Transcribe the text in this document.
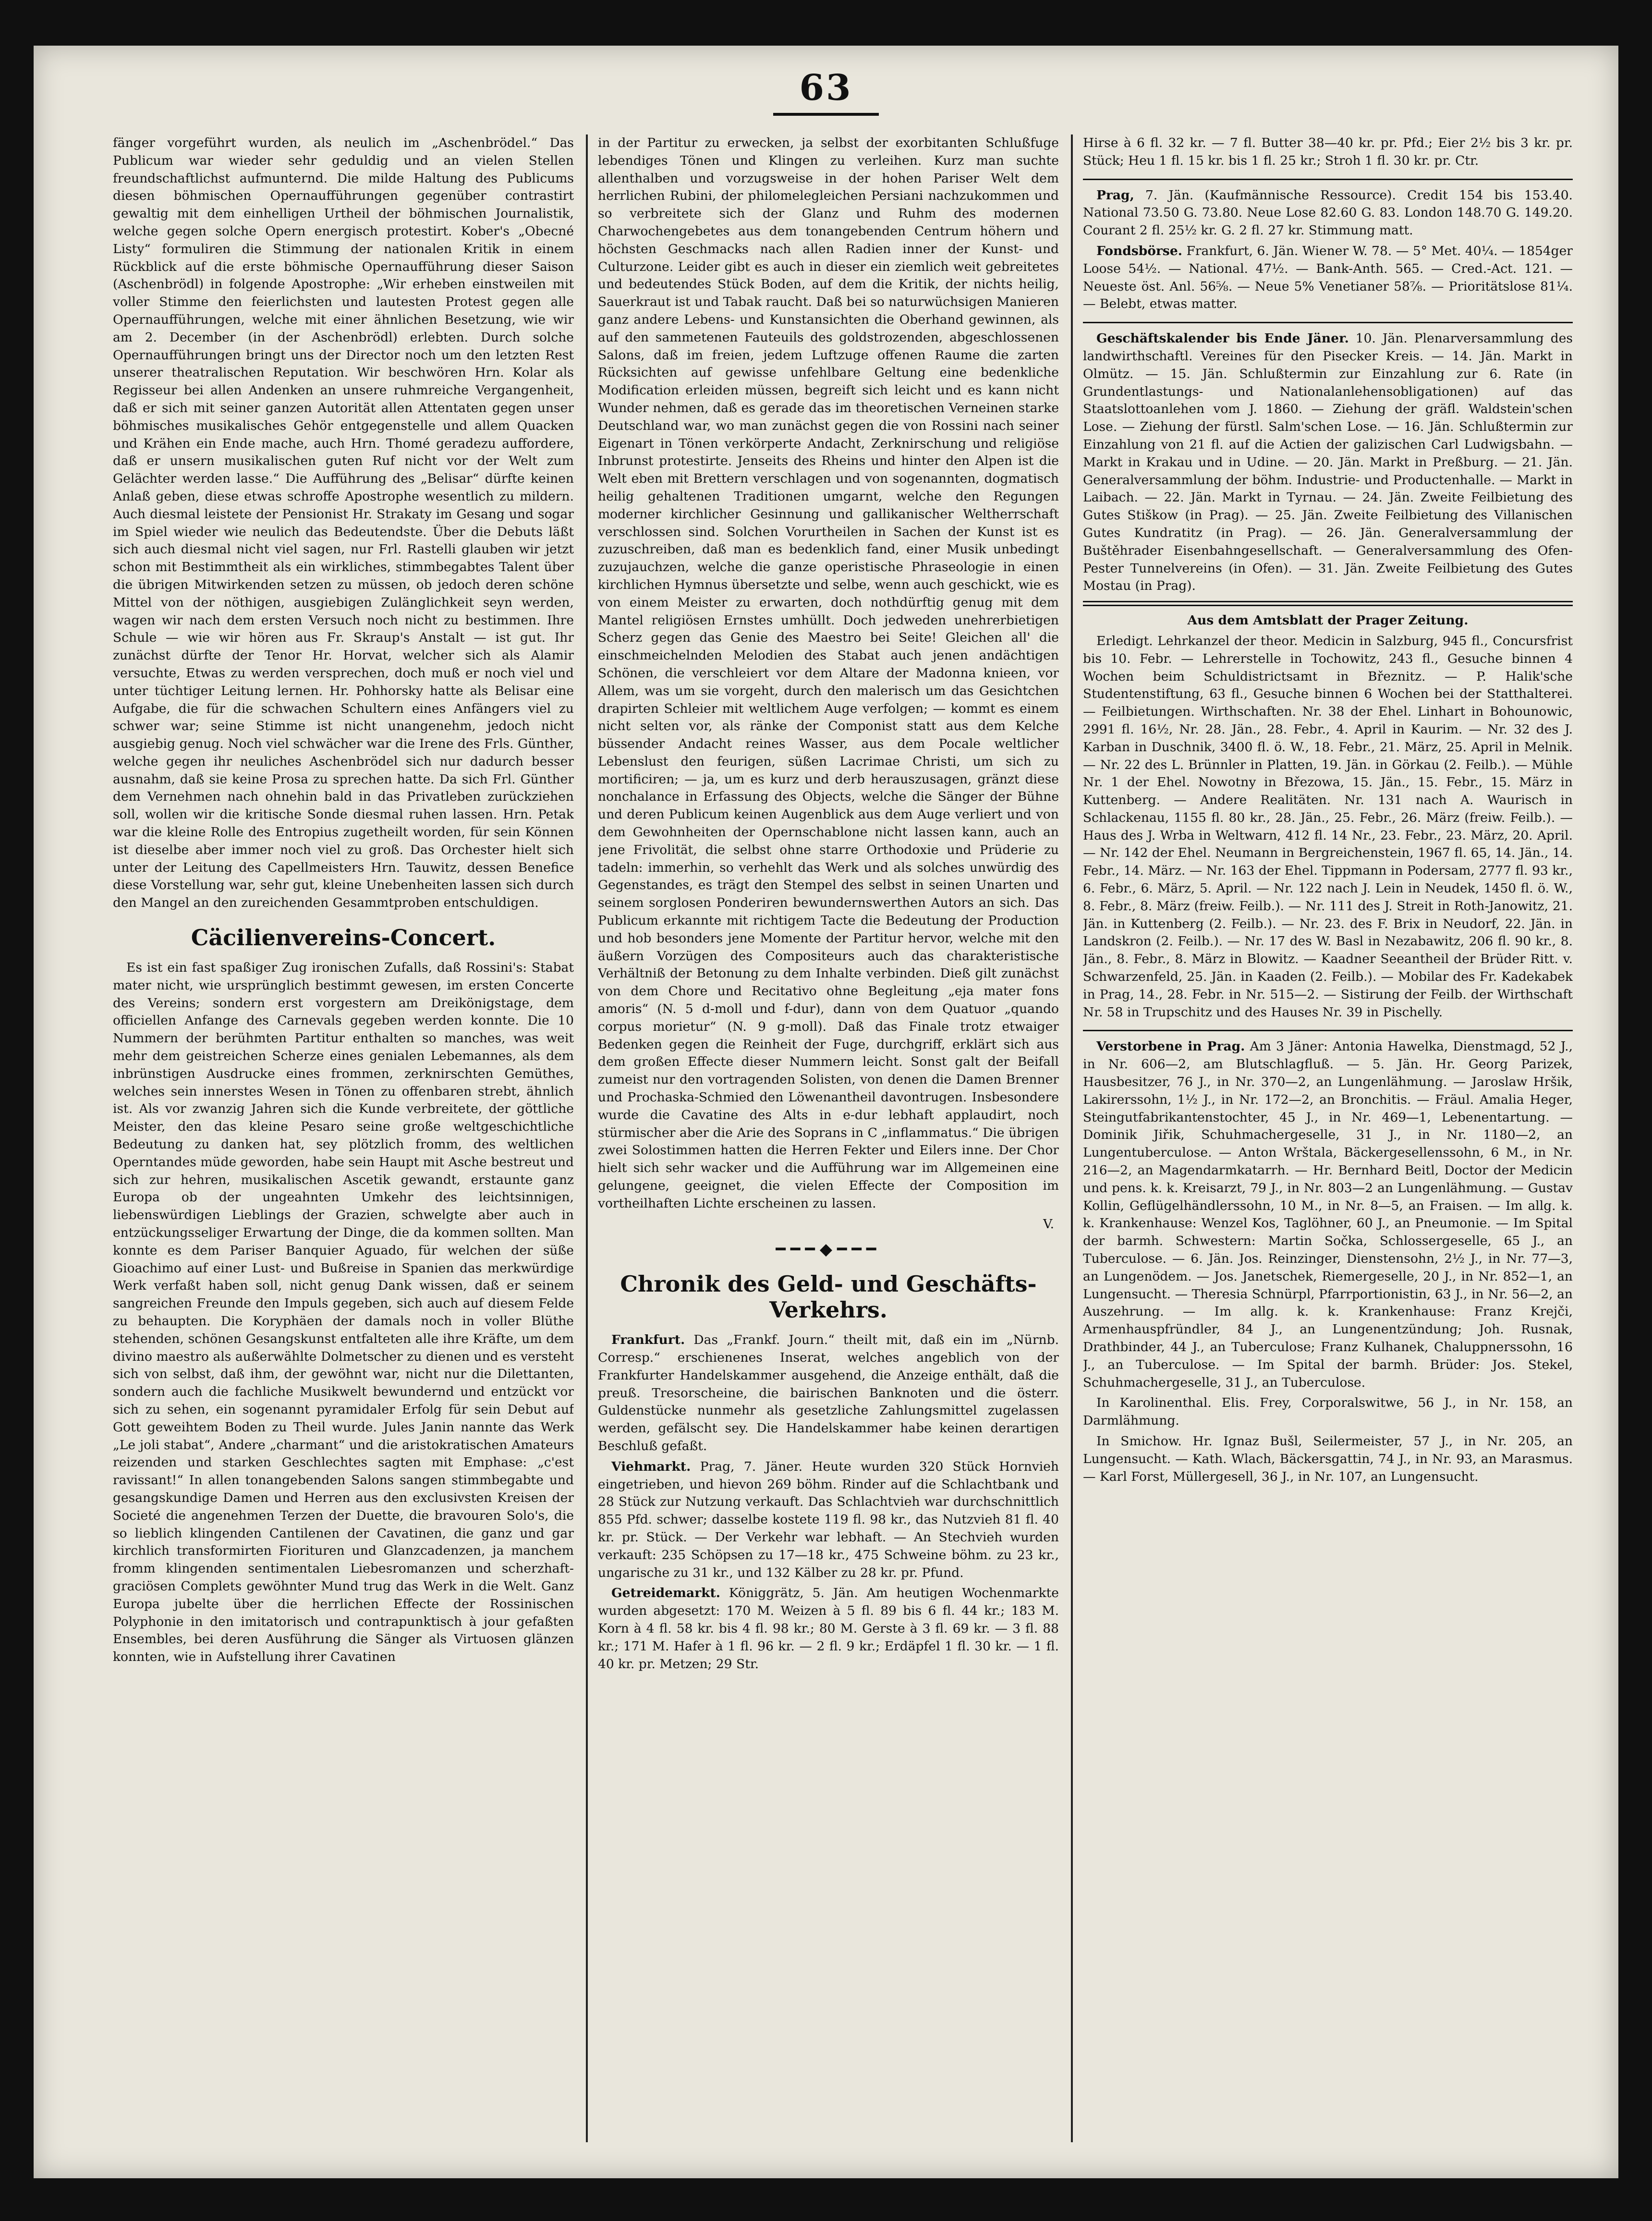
63

fänger vorgeführt wurden, als neulich im „Aschenbrödel.“ Das Publicum war wieder sehr geduldig und an vielen Stellen freundschaftlichst aufmunternd. Die milde Haltung des Publicums diesen böhmischen Opernaufführungen gegenüber contrastirt gewaltig mit dem einhelligen Urtheil der böhmischen Journalistik, welche gegen solche Opern energisch protestirt. Kober's „Obecné Listy“ formuliren die Stimmung der nationalen Kritik in einem Rückblick auf die erste böhmische Opernaufführung dieser Saison (Aschenbrödl) in folgende Apostrophe: „Wir erheben einstweilen mit voller Stimme den feierlichsten und lautesten Protest gegen alle Opernaufführungen, welche mit einer ähnlichen Besetzung, wie wir am 2. December (in der Aschenbrödl) erlebten. Durch solche Opernaufführungen bringt uns der Director noch um den letzten Rest unserer theatralischen Reputation. Wir beschwören Hrn. Kolar als Regisseur bei allen Andenken an unsere ruhmreiche Vergangenheit, daß er sich mit seiner ganzen Autorität allen Attentaten gegen unser böhmisches musikalisches Gehör entgegenstelle und allem Quacken und Krähen ein Ende mache, auch Hrn. Thomé geradezu auffordere, daß er unsern musikalischen guten Ruf nicht vor der Welt zum Gelächter werden lasse.“ Die Aufführung des „Belisar“ dürfte keinen Anlaß geben, diese etwas schroffe Apostrophe wesentlich zu mildern. Auch diesmal leistete der Pensionist Hr. Strakaty im Gesang und sogar im Spiel wieder wie neulich das Bedeutendste. Über die Debuts läßt sich auch diesmal nicht viel sagen, nur Frl. Rastelli glauben wir jetzt schon mit Bestimmtheit als ein wirkliches, stimmbegabtes Talent über die übrigen Mitwirkenden setzen zu müssen, ob jedoch deren schöne Mittel von der nöthigen, ausgiebigen Zulänglichkeit seyn werden, wagen wir nach dem ersten Versuch noch nicht zu bestimmen. Ihre Schule — wie wir hören aus Fr. Skraup's Anstalt — ist gut. Ihr zunächst dürfte der Tenor Hr. Horvat, welcher sich als Alamir versuchte, Etwas zu werden versprechen, doch muß er noch viel und unter tüchtiger Leitung lernen. Hr. Pohhorsky hatte als Belisar eine Aufgabe, die für die schwachen Schultern eines Anfängers viel zu schwer war; seine Stimme ist nicht unangenehm, jedoch nicht ausgiebig genug. Noch viel schwächer war die Irene des Frls. Günther, welche gegen ihr neuliches Aschenbrödel sich nur dadurch besser ausnahm, daß sie keine Prosa zu sprechen hatte. Da sich Frl. Günther dem Vernehmen nach ohnehin bald in das Privatleben zurückziehen soll, wollen wir die kritische Sonde diesmal ruhen lassen. Hrn. Petak war die kleine Rolle des Entropius zugetheilt worden, für sein Können ist dieselbe aber immer noch viel zu groß. Das Orchester hielt sich unter der Leitung des Capellmeisters Hrn. Tauwitz, dessen Benefice diese Vorstellung war, sehr gut, kleine Unebenheiten lassen sich durch den Mangel an den zureichenden Gesammtproben entschuldigen.

Cäcilienvereins-Concert.

Es ist ein fast spaßiger Zug ironischen Zufalls, daß Rossini's: Stabat mater nicht, wie ursprünglich bestimmt gewesen, im ersten Concerte des Vereins; sondern erst vorgestern am Dreikönigstage, dem officiellen Anfange des Carnevals gegeben werden konnte. Die 10 Nummern der berühmten Partitur enthalten so manches, was weit mehr dem geistreichen Scherze eines genialen Lebemannes, als dem inbrünstigen Ausdrucke eines frommen, zerknirschten Gemüthes, welches sein innerstes Wesen in Tönen zu offenbaren strebt, ähnlich ist. Als vor zwanzig Jahren sich die Kunde verbreitete, der göttliche Meister, den das kleine Pesaro seine große weltgeschichtliche Bedeutung zu danken hat, sey plötzlich fromm, des weltlichen Operntandes müde geworden, habe sein Haupt mit Asche bestreut und sich zur hehren, musikalischen Ascetik gewandt, erstaunte ganz Europa ob der ungeahnten Umkehr des leichtsinnigen, liebenswürdigen Lieblings der Grazien, schwelgte aber auch in entzückungsseliger Erwartung der Dinge, die da kommen sollten. Man konnte es dem Pariser Banquier Aguado, für welchen der süße Gioachimo auf einer Lust- und Bußreise in Spanien das merkwürdige Werk verfaßt haben soll, nicht genug Dank wissen, daß er seinem sangreichen Freunde den Impuls gegeben, sich auch auf diesem Felde zu behaupten. Die Koryphäen der damals noch in voller Blüthe stehenden, schönen Gesangskunst entfalteten alle ihre Kräfte, um dem divino maestro als außerwählte Dolmetscher zu dienen und es versteht sich von selbst, daß ihm, der gewöhnt war, nicht nur die Dilettanten, sondern auch die fachliche Musikwelt bewundernd und entzückt vor sich zu sehen, ein sogenannt pyramidaler Erfolg für sein Debut auf Gott geweihtem Boden zu Theil wurde. Jules Janin nannte das Werk „Le joli stabat“, Andere „charmant“ und die aristokratischen Amateurs reizenden und starken Geschlechtes sagten mit Emphase: „c'est ravissant!“ In allen tonangebenden Salons sangen stimmbegabte und gesangskundige Damen und Herren aus den exclusivsten Kreisen der Societé die angenehmen Terzen der Duette, die bravouren Solo's, die so lieblich klingenden Cantilenen der Cavatinen, die ganz und gar kirchlich transformirten Fiorituren und Glanzcadenzen, ja manchem fromm klingenden sentimentalen Liebesromanzen und scherzhaft-graciösen Complets gewöhnter Mund trug das Werk in die Welt. Ganz Europa jubelte über die herrlichen Effecte der Rossinischen Polyphonie in den imitatorisch und contrapunktisch à jour gefaßten Ensembles, bei deren Ausführung die Sänger als Virtuosen glänzen konnten, wie in Aufstellung ihrer Cavatinen

in der Partitur zu erwecken, ja selbst der exorbitanten Schlußfuge lebendiges Tönen und Klingen zu verleihen. Kurz man suchte allenthalben und vorzugsweise in der hohen Pariser Welt dem herrlichen Rubini, der philomelegleichen Persiani nachzukommen und so verbreitete sich der Glanz und Ruhm des modernen Charwochengebetes aus dem tonangebenden Centrum höhern und höchsten Geschmacks nach allen Radien inner der Kunst- und Culturzone. Leider gibt es auch in dieser ein ziemlich weit gebreitetes und bedeutendes Stück Boden, auf dem die Kritik, der nichts heilig, Sauerkraut ist und Tabak raucht. Daß bei so naturwüchsigen Manieren ganz andere Lebens- und Kunstansichten die Oberhand gewinnen, als auf den sammetenen Fauteuils des goldstrozenden, abgeschlossenen Salons, daß im freien, jedem Luftzuge offenen Raume die zarten Rücksichten auf gewisse unfehlbare Geltung eine bedenkliche Modification erleiden müssen, begreift sich leicht und es kann nicht Wunder nehmen, daß es gerade das im theoretischen Verneinen starke Deutschland war, wo man zunächst gegen die von Rossini nach seiner Eigenart in Tönen verkörperte Andacht, Zerknirschung und religiöse Inbrunst protestirte. Jenseits des Rheins und hinter den Alpen ist die Welt eben mit Brettern verschlagen und von sogenannten, dogmatisch heilig gehaltenen Traditionen umgarnt, welche den Regungen moderner kirchlicher Gesinnung und gallikanischer Weltherrschaft verschlossen sind. Solchen Vorurtheilen in Sachen der Kunst ist es zuzuschreiben, daß man es bedenklich fand, einer Musik unbedingt zuzujauchzen, welche die ganze operistische Phraseologie in einen kirchlichen Hymnus übersetzte und selbe, wenn auch geschickt, wie es von einem Meister zu erwarten, doch nothdürftig genug mit dem Mantel religiösen Ernstes umhüllt. Doch jedweden unehrerbietigen Scherz gegen das Genie des Maestro bei Seite! Gleichen all' die einschmeichelnden Melodien des Stabat auch jenen andächtigen Schönen, die verschleiert vor dem Altare der Madonna knieen, vor Allem, was um sie vorgeht, durch den malerisch um das Gesichtchen drapirten Schleier mit weltlichem Auge verfolgen; — kommt es einem nicht selten vor, als ränke der Componist statt aus dem Kelche büssender Andacht reines Wasser, aus dem Pocale weltlicher Lebenslust den feurigen, süßen Lacrimae Christi, um sich zu mortificiren; — ja, um es kurz und derb herauszusagen, gränzt diese nonchalance in Erfassung des Objects, welche die Sänger der Bühne und deren Publicum keinen Augenblick aus dem Auge verliert und von dem Gewohnheiten der Opernschablone nicht lassen kann, auch an jene Frivolität, die selbst ohne starre Orthodoxie und Prüderie zu tadeln: immerhin, so verhehlt das Werk und als solches unwürdig des Gegenstandes, es trägt den Stempel des selbst in seinen Unarten und seinem sorglosen Ponderiren bewundernswerthen Autors an sich. Das Publicum erkannte mit richtigem Tacte die Bedeutung der Production und hob besonders jene Momente der Partitur hervor, welche mit den äußern Vorzügen des Compositeurs auch das charakteristische Verhältniß der Betonung zu dem Inhalte verbinden. Dieß gilt zunächst von dem Chore und Recitativo ohne Begleitung „eja mater fons amoris“ (N. 5 d-moll und f-dur), dann von dem Quatuor „quando corpus morietur“ (N. 9 g-moll). Daß das Finale trotz etwaiger Bedenken gegen die Reinheit der Fuge, durchgriff, erklärt sich aus dem großen Effecte dieser Nummern leicht. Sonst galt der Beifall zumeist nur den vortragenden Solisten, von denen die Damen Brenner und Prochaska-Schmied den Löwenantheil davontrugen. Insbesondere wurde die Cavatine des Alts in e-dur lebhaft applaudirt, noch stürmischer aber die Arie des Soprans in C „inflammatus.“ Die übrigen zwei Solostimmen hatten die Herren Fekter und Eilers inne. Der Chor hielt sich sehr wacker und die Aufführung war im Allgemeinen eine gelungene, geeignet, die vielen Effecte der Composition im vortheilhaften Lichte erscheinen zu lassen.

V.
━━━◆━━━
Chronik des Geld- und Geschäfts-Verkehrs.

Frankfurt. Das „Frankf. Journ.“ theilt mit, daß ein im „Nürnb. Corresp.“ erschienenes Inserat, welches angeblich von der Frankfurter Handelskammer ausgehend, die Anzeige enthält, daß die preuß. Tresorscheine, die bairischen Banknoten und die österr. Guldenstücke nunmehr als gesetzliche Zahlungsmittel zugelassen werden, gefälscht sey. Die Handelskammer habe keinen derartigen Beschluß gefaßt.

Viehmarkt. Prag, 7. Jäner. Heute wurden 320 Stück Hornvieh eingetrieben, und hievon 269 böhm. Rinder auf die Schlachtbank und 28 Stück zur Nutzung verkauft. Das Schlachtvieh war durchschnittlich 855 Pfd. schwer; dasselbe kostete 119 fl. 98 kr., das Nutzvieh 81 fl. 40 kr. pr. Stück. — Der Verkehr war lebhaft. — An Stechvieh wurden verkauft: 235 Schöpsen zu 17—18 kr., 475 Schweine böhm. zu 23 kr., ungarische zu 31 kr., und 132 Kälber zu 28 kr. pr. Pfund.

Getreidemarkt. Königgrätz, 5. Jän. Am heutigen Wochenmarkte wurden abgesetzt: 170 M. Weizen à 5 fl. 89 bis 6 fl. 44 kr.; 183 M. Korn à 4 fl. 58 kr. bis 4 fl. 98 kr.; 80 M. Gerste à 3 fl. 69 kr. — 3 fl. 88 kr.; 171 M. Hafer à 1 fl. 96 kr. — 2 fl. 9 kr.; Erdäpfel 1 fl. 30 kr. — 1 fl. 40 kr. pr. Metzen; 29 Str.

Hirse à 6 fl. 32 kr. — 7 fl. Butter 38—40 kr. pr. Pfd.; Eier 2½ bis 3 kr. pr. Stück; Heu 1 fl. 15 kr. bis 1 fl. 25 kr.; Stroh 1 fl. 30 kr. pr. Ctr.

Prag, 7. Jän. (Kaufmännische Ressource). Credit 154 bis 153.40. National 73.50 G. 73.80. Neue Lose 82.60 G. 83. London 148.70 G. 149.20. Courant 2 fl. 25½ kr. G. 2 fl. 27 kr. Stimmung matt.

Fondsbörse. Frankfurt, 6. Jän. Wiener W. 78. — 5° Met. 40¼. — 1854ger Loose 54½. — National. 47½. — Bank-Anth. 565. — Cred.-Act. 121. — Neueste öst. Anl. 56⅝. — Neue 5% Venetianer 58⅞. — Prioritätslose 81¼. — Belebt, etwas matter.

Geschäftskalender bis Ende Jäner. 10. Jän. Plenarversammlung des landwirthschaftl. Vereines für den Pisecker Kreis. — 14. Jän. Markt in Olmütz. — 15. Jän. Schlußtermin zur Einzahlung zur 6. Rate (in Grundentlastungs- und Nationalanlehensobligationen) auf das Staatslottoanlehen vom J. 1860. — Ziehung der gräfl. Waldstein'schen Lose. — Ziehung der fürstl. Salm'schen Lose. — 16. Jän. Schlußtermin zur Einzahlung von 21 fl. auf die Actien der galizischen Carl Ludwigsbahn. — Markt in Krakau und in Udine. — 20. Jän. Markt in Preßburg. — 21. Jän. Generalversammlung der böhm. Industrie- und Productenhalle. — Markt in Laibach. — 22. Jän. Markt in Tyrnau. — 24. Jän. Zweite Feilbietung des Gutes Stiškow (in Prag). — 25. Jän. Zweite Feilbietung des Villanischen Gutes Kundratitz (in Prag). — 26. Jän. Generalversammlung der Buštěhrader Eisenbahngesellschaft. — Generalversammlung des Ofen-Pester Tunnelvereins (in Ofen). — 31. Jän. Zweite Feilbietung des Gutes Mostau (in Prag).

Aus dem Amtsblatt der Prager Zeitung.

Erledigt. Lehrkanzel der theor. Medicin in Salzburg, 945 fl., Concursfrist bis 10. Febr. — Lehrerstelle in Tochowitz, 243 fl., Gesuche binnen 4 Wochen beim Schuldistrictsamt in Březnitz. — P. Halik'sche Studentenstiftung, 63 fl., Gesuche binnen 6 Wochen bei der Statthalterei. — Feilbietungen. Wirthschaften. Nr. 38 der Ehel. Linhart in Bohounowic, 2991 fl. 16½, Nr. 28. Jän., 28. Febr., 4. April in Kaurim. — Nr. 32 des J. Karban in Duschnik, 3400 fl. ö. W., 18. Febr., 21. März, 25. April in Melnik. — Nr. 22 des L. Brünnler in Platten, 19. Jän. in Görkau (2. Feilb.). — Mühle Nr. 1 der Ehel. Nowotny in Březowa, 15. Jän., 15. Febr., 15. März in Kuttenberg. — Andere Realitäten. Nr. 131 nach A. Waurisch in Schlackenau, 1155 fl. 80 kr., 28. Jän., 25. Febr., 26. März (freiw. Feilb.). — Haus des J. Wrba in Weltwarn, 412 fl. 14 Nr., 23. Febr., 23. März, 20. April. — Nr. 142 der Ehel. Neumann in Bergreichenstein, 1967 fl. 65, 14. Jän., 14. Febr., 14. März. — Nr. 163 der Ehel. Tippmann in Podersam, 2777 fl. 93 kr., 6. Febr., 6. März, 5. April. — Nr. 122 nach J. Lein in Neudek, 1450 fl. ö. W., 8. Febr., 8. März (freiw. Feilb.). — Nr. 111 des J. Streit in Roth-Janowitz, 21. Jän. in Kuttenberg (2. Feilb.). — Nr. 23. des F. Brix in Neudorf, 22. Jän. in Landskron (2. Feilb.). — Nr. 17 des W. Basl in Nezabawitz, 206 fl. 90 kr., 8. Jän., 8. Febr., 8. März in Blowitz. — Kaadner Seeantheil der Brüder Ritt. v. Schwarzenfeld, 25. Jän. in Kaaden (2. Feilb.). — Mobilar des Fr. Kadekabek in Prag, 14., 28. Febr. in Nr. 515—2. — Sistirung der Feilb. der Wirthschaft Nr. 58 in Trupschitz und des Hauses Nr. 39 in Pischelly.

Verstorbene in Prag. Am 3 Jäner: Antonia Hawelka, Dienstmagd, 52 J., in Nr. 606—2, am Blutschlagfluß. — 5. Jän. Hr. Georg Parizek, Hausbesitzer, 76 J., in Nr. 370—2, an Lungenlähmung. — Jaroslaw Hršik, Lakirerssohn, 1½ J., in Nr. 172—2, an Bronchitis. — Fräul. Amalia Heger, Steingutfabrikantenstochter, 45 J., in Nr. 469—1, Lebenentartung. — Dominik Jiřik, Schuhmachergeselle, 31 J., in Nr. 1180—2, an Lungentuberculose. — Anton Wrštala, Bäckergesellenssohn, 6 M., in Nr. 216—2, an Magendarmkatarrh. — Hr. Bernhard Beitl, Doctor der Medicin und pens. k. k. Kreisarzt, 79 J., in Nr. 803—2 an Lungenlähmung. — Gustav Kollin, Geflügelhändlerssohn, 10 M., in Nr. 8—5, an Fraisen. — Im allg. k. k. Krankenhause: Wenzel Kos, Taglöhner, 60 J., an Pneumonie. — Im Spital der barmh. Schwestern: Martin Sočka, Schlossergeselle, 65 J., an Tuberculose. — 6. Jän. Jos. Reinzinger, Dienstensohn, 2½ J., in Nr. 77—3, an Lungenödem. — Jos. Janetschek, Riemergeselle, 20 J., in Nr. 852—1, an Lungensucht. — Theresia Schnürpl, Pfarrportionistin, 63 J., in Nr. 56—2, an Auszehrung. — Im allg. k. k. Krankenhause: Franz Krejči, Armenhauspfründler, 84 J., an Lungenentzündung; Joh. Rusnak, Drathbinder, 44 J., an Tuberculose; Franz Kulhanek, Chaluppnerssohn, 16 J., an Tuberculose. — Im Spital der barmh. Brüder: Jos. Stekel, Schuhmachergeselle, 31 J., an Tuberculose.

In Karolinenthal. Elis. Frey, Corporalswitwe, 56 J., in Nr. 158, an Darmlähmung.

In Smichow. Hr. Ignaz Bušl, Seilermeister, 57 J., in Nr. 205, an Lungensucht. — Kath. Wlach, Bäckersgattin, 74 J., in Nr. 93, an Marasmus. — Karl Forst, Müllergesell, 36 J., in Nr. 107, an Lungensucht.
